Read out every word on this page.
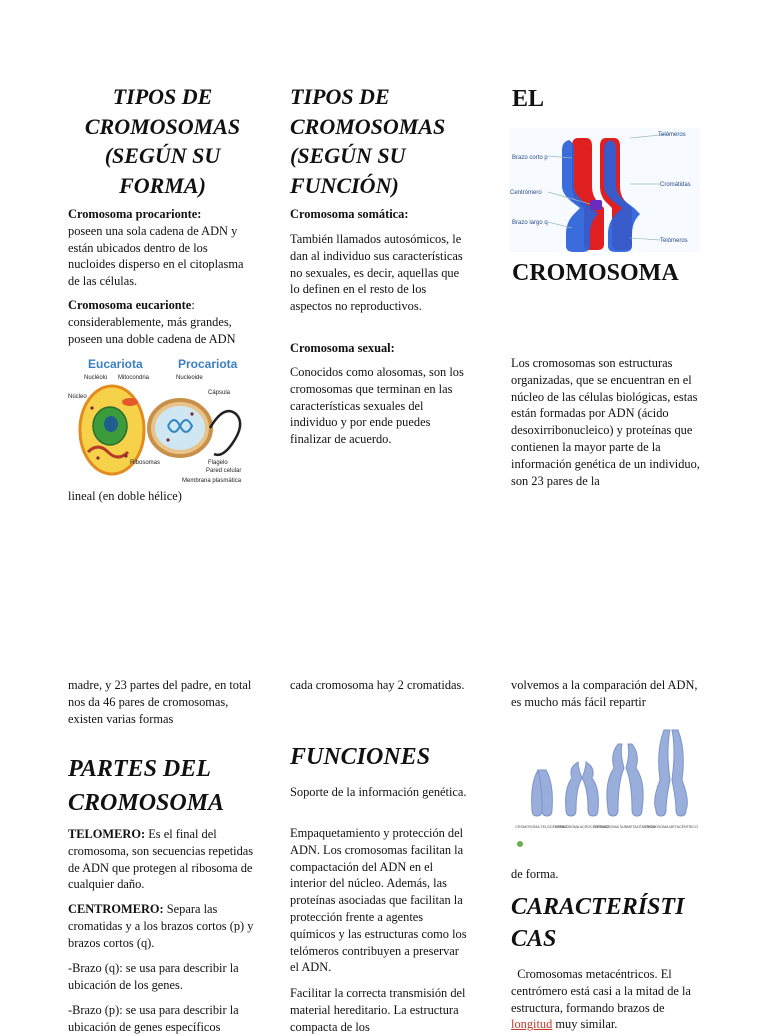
TIPOS DE CROMOSOMAS (SEGÚN SU FORMA)

Cromosoma procarionte:
poseen una sola cadena de ADN y están ubicados dentro de los nucloides disperso en el citoplasma de las células.

Cromosoma eucarionte: considerablemente, más grandes, poseen una doble cadena de ADN

Eucariota	Procariota
Nucléolo Mitocondria
Núcleo
Ribosomas
Nucleoide
Cápsula
Flagelo
Pared celular
Membrana plasmática

lineal (en doble hélice)

madre, y 23 partes del padre, en total nos da 46 pares de cromosomas, existen varias formas

PARTES DEL CROMOSOMA

TELOMERO: Es el final del cromosoma, son secuencias repetidas de ADN que protegen al ribosoma de cualquier daño.

CENTROMERO: Separa las cromatidas y a los brazos cortos (p) y brazos cortos (q).

-Brazo (q): se usa para describir la ubicación de los genes.

-Brazo (p): se usa para describir la ubicación de genes específicos

TIPOS DE CROMOSOMAS (SEGÚN SU FUNCIÓN)

Cromosoma somática:

También llamados autosómicos, le dan al individuo sus características no sexuales, es decir, aquellas que lo definen en el resto de los aspectos no reproductivos.

Cromosoma sexual:

Conocidos como alosomas, son los cromosomas que terminan en las características sexuales del individuo y por ende puedes finalizar de acuerdo.

cada cromosoma hay 2 cromatidas.

FUNCIONES

Soporte de la información genética.

Empaquetamiento y protección del ADN. Los cromosomas facilitan la compactación del ADN en el interior del núcleo. Además, las proteínas asociadas que facilitan la protección frente a agentes químicos y las estructuras como los telómeros contribuyen a preservar el ADN.

Facilitar la correcta transmisión del material hereditario. La estructura compacta de los

EL
Brazo corto p
Telómeros
Centrómero
Cromátidas
Brazo largo q
Telómeros
CROMOSOMA

Los cromosomas son estructuras organizadas, que se encuentran en el núcleo de las células biológicas, estas están formadas por ADN (ácido desoxirribonucleico) y proteínas que contienen la mayor parte de la información genética de un individuo, son 23 pares de la

volvemos a la comparación del ADN, es mucho más fácil repartir

CROMOSOMA TELOCÉNTRICO
CROMOSOMA ACROCÉNTRICO
CROMOSOMA SUBMETACÉNTRICO
CROMOSOMA METACÉNTRICO

de forma.

CARACTERÍSTICAS

Cromosomas metacéntricos. El centrómero está casi a la mitad de la estructura, formando brazos de longitud muy similar.
